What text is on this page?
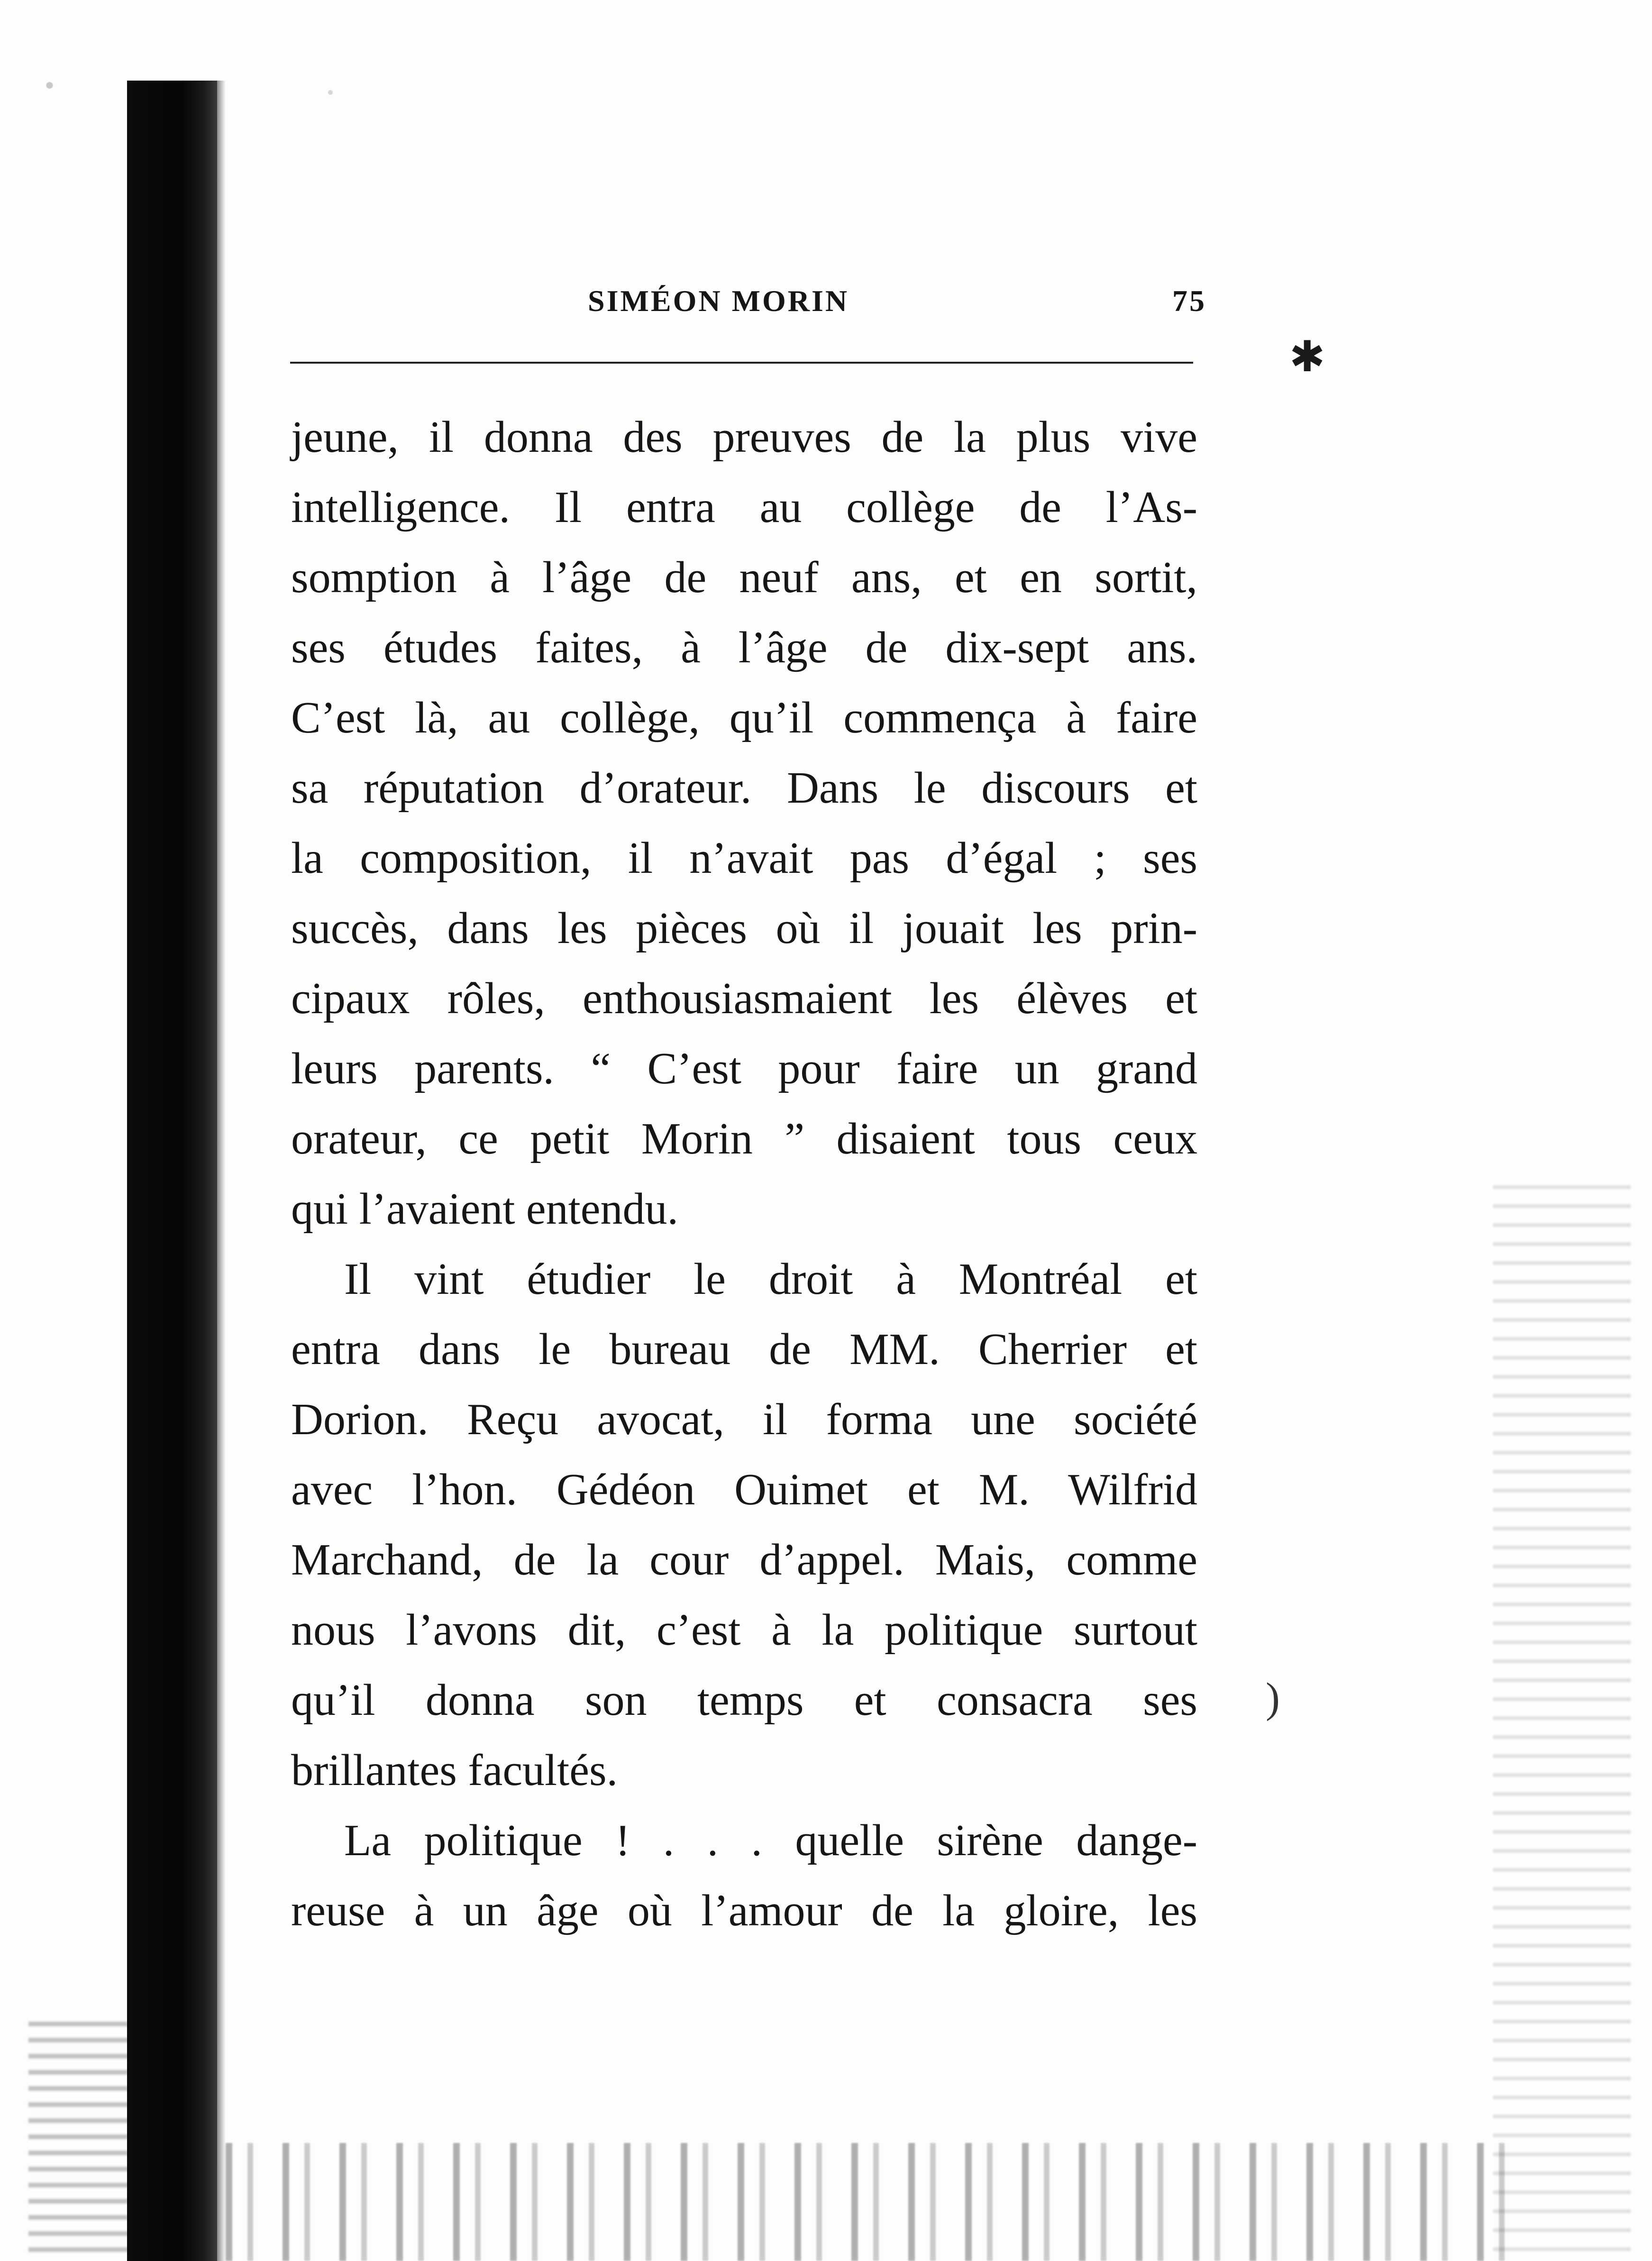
✱
)
SIMÉON MORIN	75
jeune, il donna des preuves de la plus vive
intelligence. Il entra au collège de l’As-
somption à l’âge de neuf ans, et en sortit,
ses études faites, à l’âge de dix-sept ans.
C’est là, au collège, qu’il commença à faire
sa réputation d’orateur. Dans le discours et
la composition, il n’avait pas d’égal ; ses
succès, dans les pièces où il jouait les prin-
cipaux rôles, enthousiasmaient les élèves et
leurs parents. “ C’est pour faire un grand
orateur, ce petit Morin ” disaient tous ceux
qui l’avaient entendu.
Il vint étudier le droit à Montréal et
entra dans le bureau de MM. Cherrier et
Dorion. Reçu avocat, il forma une société
avec l’hon. Gédéon Ouimet et M. Wilfrid
Marchand, de la cour d’appel. Mais, comme
nous l’avons dit, c’est à la politique surtout
qu’il donna son temps et consacra ses
brillantes facultés.
La politique ! . . . quelle sirène dange-
reuse à un âge où l’amour de la gloire, les
